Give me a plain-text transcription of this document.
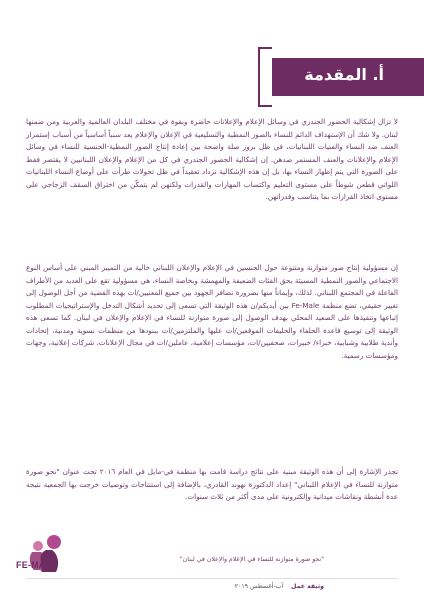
أ. المقدمة
لا تزال إشكالية الحضور الجندري في وسائل الإعلام والإعلانات حاضرة وبقوة في مختلف البلدان العالمية والعربية ومن ضمنها لبنان. ولا شك أن الإستهداف الدائم للنساء بالصور النمطية والتسليعية في الإعلان والإعلام يعد سبباً أساسياً من أسباب إستمرار العنف ضد النساء والفتيات اللبنانيات، في ظل بروز صلة واضحة بين إعادة إنتاج الصور النمطية-الجنسية للنساء في وسائل الإعلام والإعلانات والعنف المستمر ضدهن. إن إشكالية الحضور الجندري في كل من الإعلام والإعلان اللبنانيين لا يقتصر فقط على الصورة التي يتم إظهار النساء بها، بل إن هذه الإشكالية تزداد تعقيداً في ظل تحولات طرأت على أوضاع النساء اللبنانيات اللواتي قطعن شوطاً على مستوى التعليم واكتساب المهارات والقدرات ولكنهن لم يتمكّن من اختراق السقف الزجاجي على مستوى اتخاذ القرارات بما يتناسب وقدراتهن.
إن مسؤولية إنتاج صور متوازنة ومتنوعة حول الجنسين في الإعلام والإعلان اللبناني خالية من التمييز المبني على أساس النوع الاجتماعي والصور النمطية المسيئة بحق الفئات الضعيفة والمهمشة وبخاصة النساء، هي مسؤولية تقع على العديد من الأطراف الفاعلة في المجتمع اللبناني. لذلك، وإيماناً منها بضرورة تضافر الجهود بين جميع المعنيين/ات بهذه القضية من أجل الوصول إلى تغيير حقيقي، تضع منظمة Fe-Male بين أيديكم/ن هذه الوثيقة التي تسعى إلى تحديد أشكال التدخل والإستراتيجيات المطلوب إتباعها وتنفيذها على الصعيد المحلي بهدف الوصول إلى صورة متوازنة للنساء في الإعلام والإعلان في لبنان. كما تسعى هذه الوثيقة إلى توسيع قاعدة الحلفاء والحليفات الموقعين/ات عليها والملتزمين/ات ببنودها من منظمات نسوية ومدنية، إتحادات وأندية طلابية وشبابية، خبراء/ خبيرات، صحفيين/ات، مؤسسات إعلامية، عاملين/ات في مجال الإعلانات، شركات إعلانية، وجهات ومؤسسات رسمية.
تجدر الإشارة إلى أن هذه الوثيقة مبنية على نتائج دراسة قامت بها منظمة في-مايل في العام ٢٠١٦ تحت عنوان "نحو صورة متوازنة للنساء في الإعلام اللبناني" إعداد الدكتورة نهوند القادري، بالإضافة إلى استنتاجات وتوصيات خرجت بها الجمعية نتيجة عدة أنشطة ونقاشات ميدانية وإلكترونية على مدى أكثر من ثلاث سنوات.
FE-MALE
"نحو صورة متوازنة للنساء في الإعلام والإعلان في لبنان"
وثيقة عمل    آب-أغسطس ٢٠١٩
